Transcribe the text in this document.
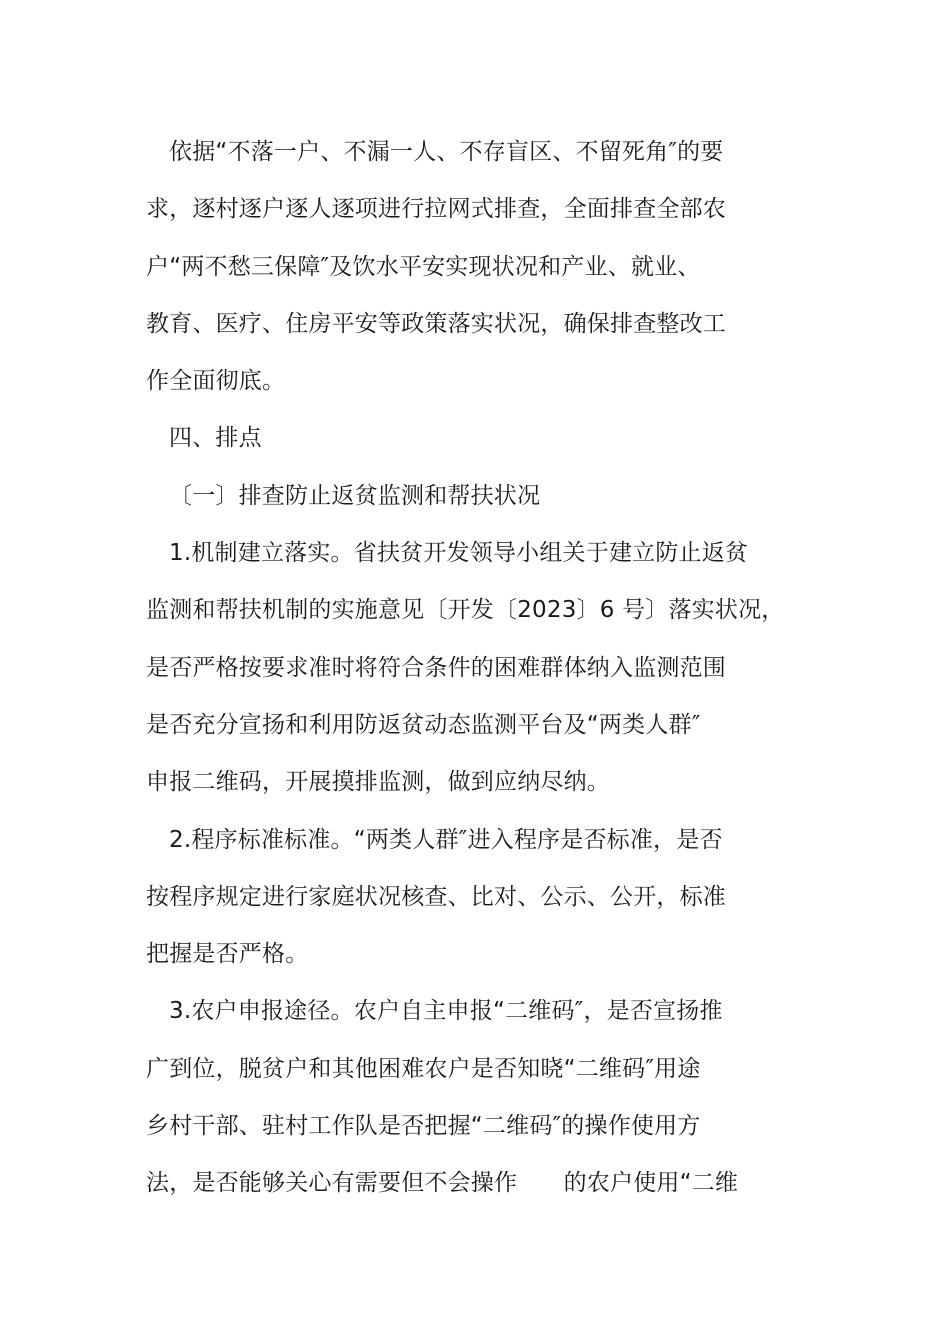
依据“不落一户、不漏一人、不存盲区、不留死角″的要
求，逐村逐户逐人逐项进行拉网式排查，全面排查全部农
户“两不愁三保障″及饮水平安实现状况和产业、就业、
教育、医疗、住房平安等政策落实状况，确保排查整改工
作全面彻底。
四、排点
〔一〕排查防止返贫监测和帮扶状况
1.机制建立落实。省扶贫开发领导小组关于建立防止返贫
监测和帮扶机制的实施意见〔开发〔2023〕6 号〕落实状况，
是否严格按要求准时将符合条件的困难群体纳入监测范围
是否充分宣扬和利用防返贫动态监测平台及“两类人群″
申报二维码，开展摸排监测，做到应纳尽纳。
2.程序标准标准。“两类人群″进入程序是否标准，是否
按程序规定进行家庭状况核查、比对、公示、公开，标准
把握是否严格。
3.农户申报途径。农户自主申报“二维码″，是否宣扬推
广到位，脱贫户和其他困难农户是否知晓“二维码″用途
乡村干部、驻村工作队是否把握“二维码″的操作使用方
法，是否能够关心有需要但不会操作　　的农户使用“二维
